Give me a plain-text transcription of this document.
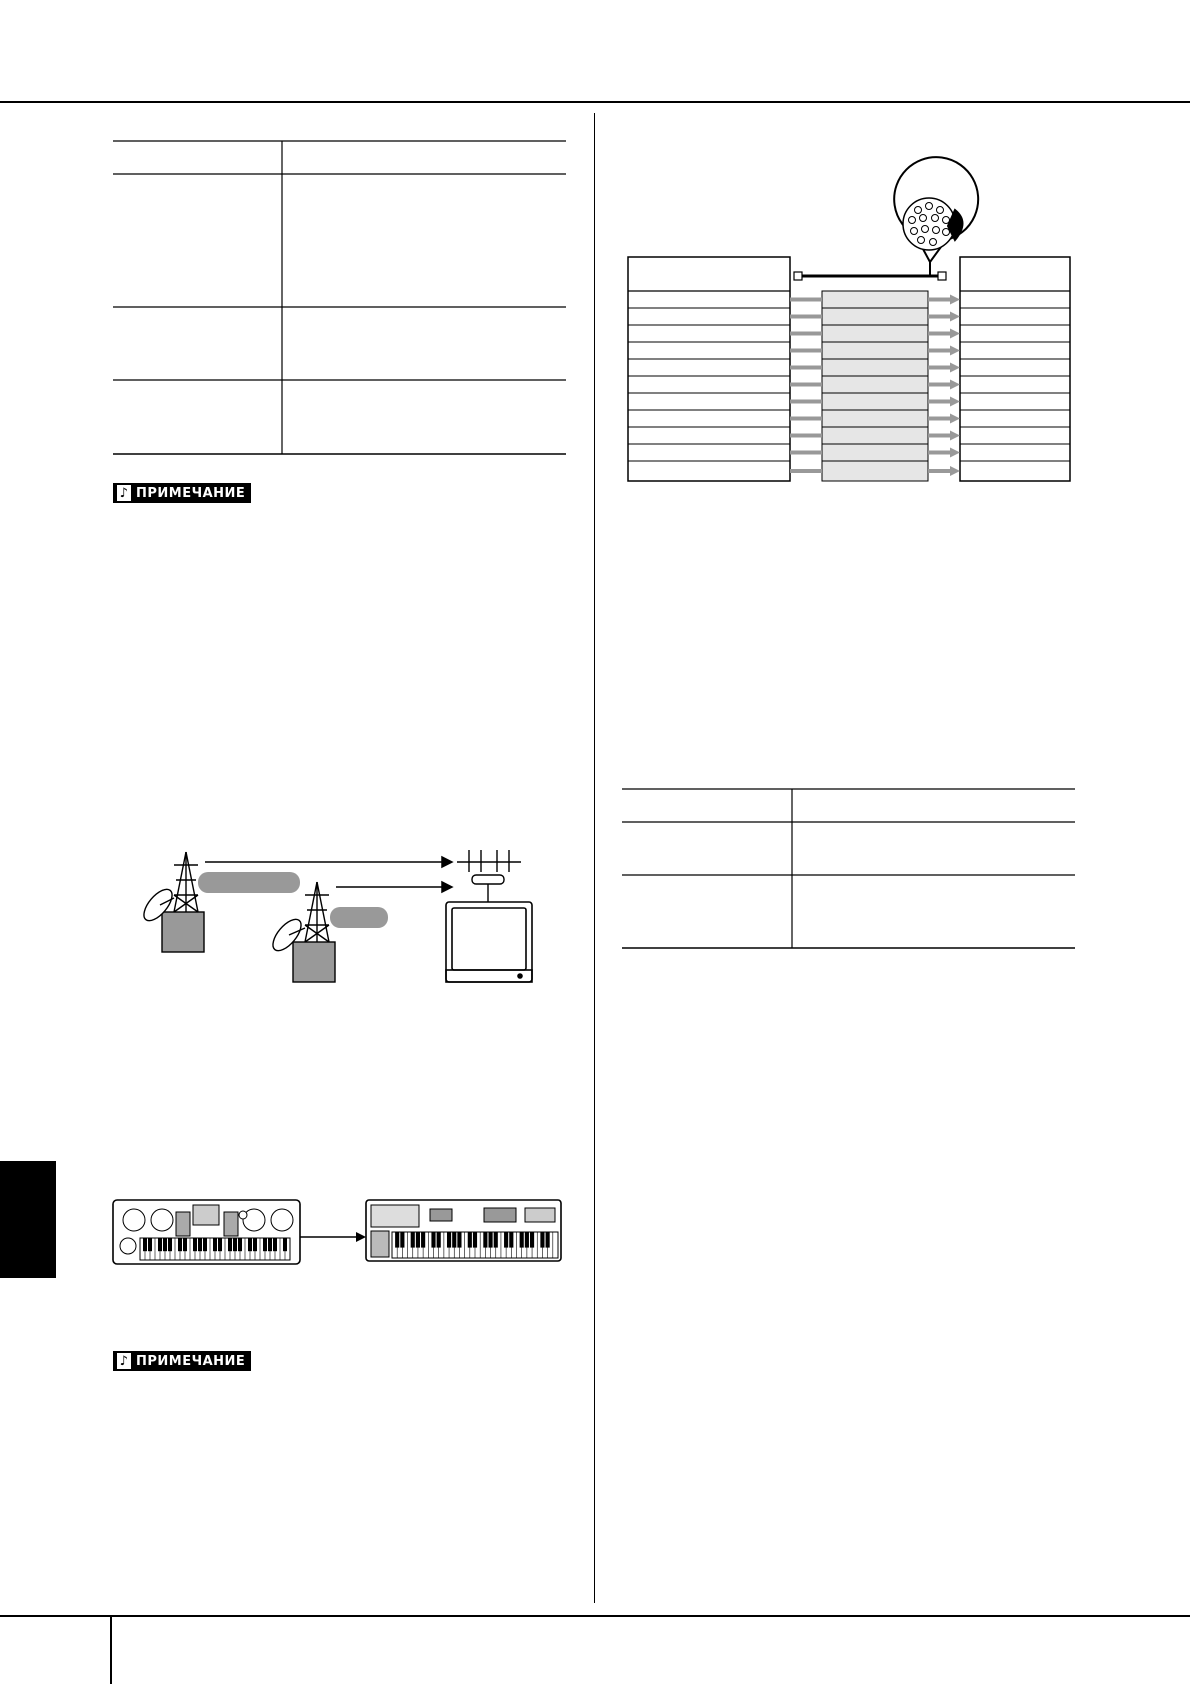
♪ ПРИМЕЧАНИЕ
♪ ПРИМЕЧАНИЕ
